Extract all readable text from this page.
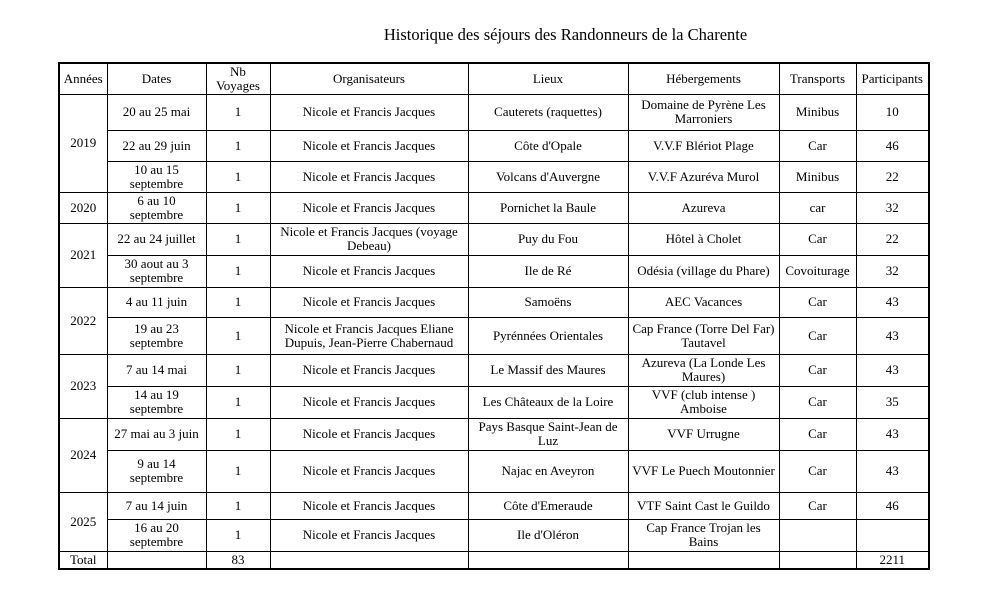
Historique des séjours des Randonneurs de la Charente
Années	Dates	Nb Voyages	Organisateurs	Lieux	Hébergements	Transports	Participants
2019	20 au 25 mai	1	Nicole et Francis Jacques	Cauterets (raquettes)	Domaine de Pyrène Les Marroniers	Minibus	10
	22 au 29 juin	1	Nicole et Francis Jacques	Côte d'Opale	V.V.F Blériot Plage	Car	46
	10 au 15 septembre	1	Nicole et Francis Jacques	Volcans d'Auvergne	V.V.F Azuréva Murol	Minibus	22
2020	6 au 10 septembre	1	Nicole et Francis Jacques	Pornichet la Baule	Azureva	car	32
2021	22 au 24 juillet	1	Nicole et Francis Jacques (voyage Debeau)	Puy du Fou	Hôtel à Cholet	Car	22
	30 aout au 3 septembre	1	Nicole et Francis Jacques	Ile de Ré	Odésia (village du Phare)	Covoiturage	32
2022	4 au 11 juin	1	Nicole et Francis Jacques	Samoëns	AEC Vacances	Car	43
	19 au 23 septembre	1	Nicole et Francis Jacques Eliane Dupuis, Jean-Pierre Chabernaud	Pyrénnées Orientales	Cap France (Torre Del Far) Tautavel	Car	43
2023	7 au 14 mai	1	Nicole et Francis Jacques	Le Massif des Maures	Azureva (La Londe Les Maures)	Car	43
	14 au 19 septembre	1	Nicole et Francis Jacques	Les Châteaux de la Loire	VVF (club intense ) Amboise	Car	35
2024	27 mai au 3 juin	1	Nicole et Francis Jacques	Pays Basque Saint-Jean de Luz	VVF Urrugne	Car	43
	9 au 14 septembre	1	Nicole et Francis Jacques	Najac en Aveyron	VVF Le Puech Moutonnier	Car	43
2025	7 au 14 juin	1	Nicole et Francis Jacques	Côte d'Emeraude	VTF Saint Cast le Guildo	Car	46
	16 au 20 septembre	1	Nicole et Francis Jacques	Ile d'Oléron	Cap France Trojan les Bains		
Total		83					2211
